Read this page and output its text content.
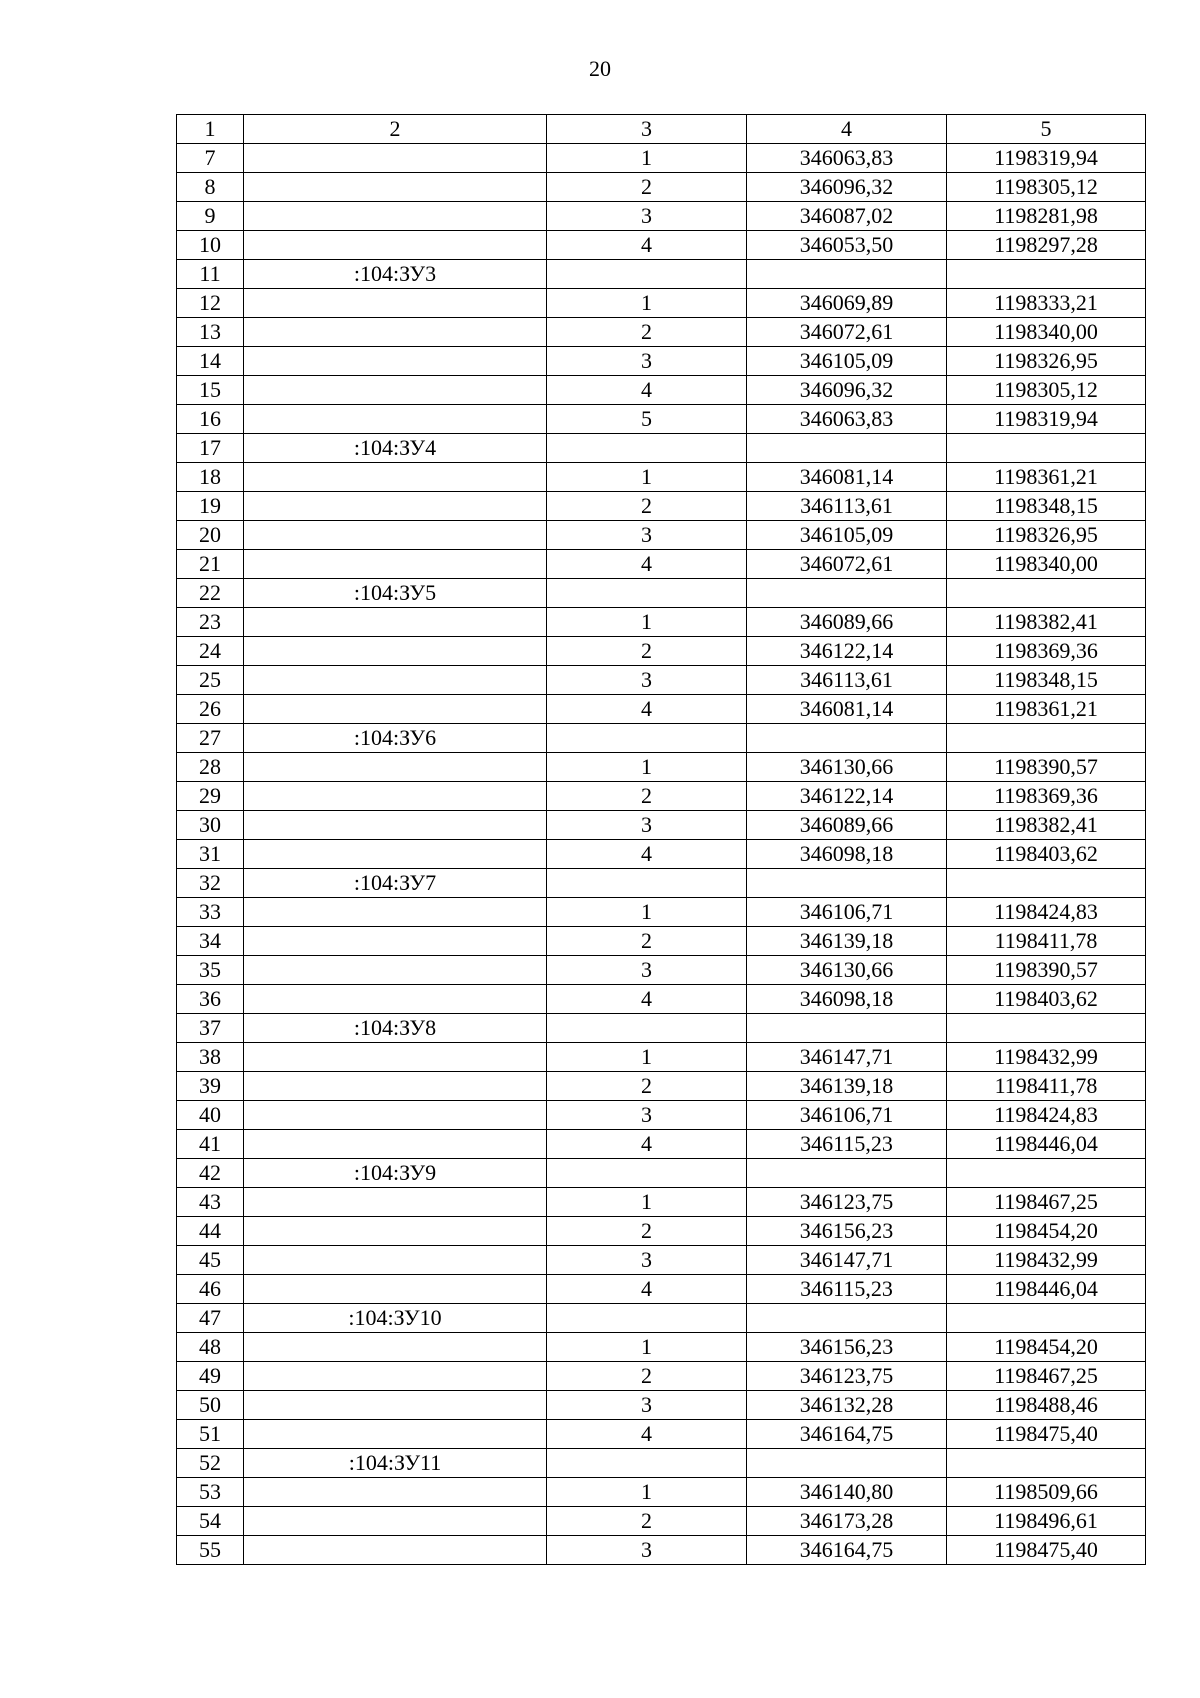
20
1	2	3	4	5
7		1	346063,83	1198319,94
8		2	346096,32	1198305,12
9		3	346087,02	1198281,98
10		4	346053,50	1198297,28
11	:104:ЗУ3			
12		1	346069,89	1198333,21
13		2	346072,61	1198340,00
14		3	346105,09	1198326,95
15		4	346096,32	1198305,12
16		5	346063,83	1198319,94
17	:104:ЗУ4			
18		1	346081,14	1198361,21
19		2	346113,61	1198348,15
20		3	346105,09	1198326,95
21		4	346072,61	1198340,00
22	:104:ЗУ5			
23		1	346089,66	1198382,41
24		2	346122,14	1198369,36
25		3	346113,61	1198348,15
26		4	346081,14	1198361,21
27	:104:ЗУ6			
28		1	346130,66	1198390,57
29		2	346122,14	1198369,36
30		3	346089,66	1198382,41
31		4	346098,18	1198403,62
32	:104:ЗУ7			
33		1	346106,71	1198424,83
34		2	346139,18	1198411,78
35		3	346130,66	1198390,57
36		4	346098,18	1198403,62
37	:104:ЗУ8			
38		1	346147,71	1198432,99
39		2	346139,18	1198411,78
40		3	346106,71	1198424,83
41		4	346115,23	1198446,04
42	:104:ЗУ9			
43		1	346123,75	1198467,25
44		2	346156,23	1198454,20
45		3	346147,71	1198432,99
46		4	346115,23	1198446,04
47	:104:ЗУ10			
48		1	346156,23	1198454,20
49		2	346123,75	1198467,25
50		3	346132,28	1198488,46
51		4	346164,75	1198475,40
52	:104:ЗУ11			
53		1	346140,80	1198509,66
54		2	346173,28	1198496,61
55		3	346164,75	1198475,40
